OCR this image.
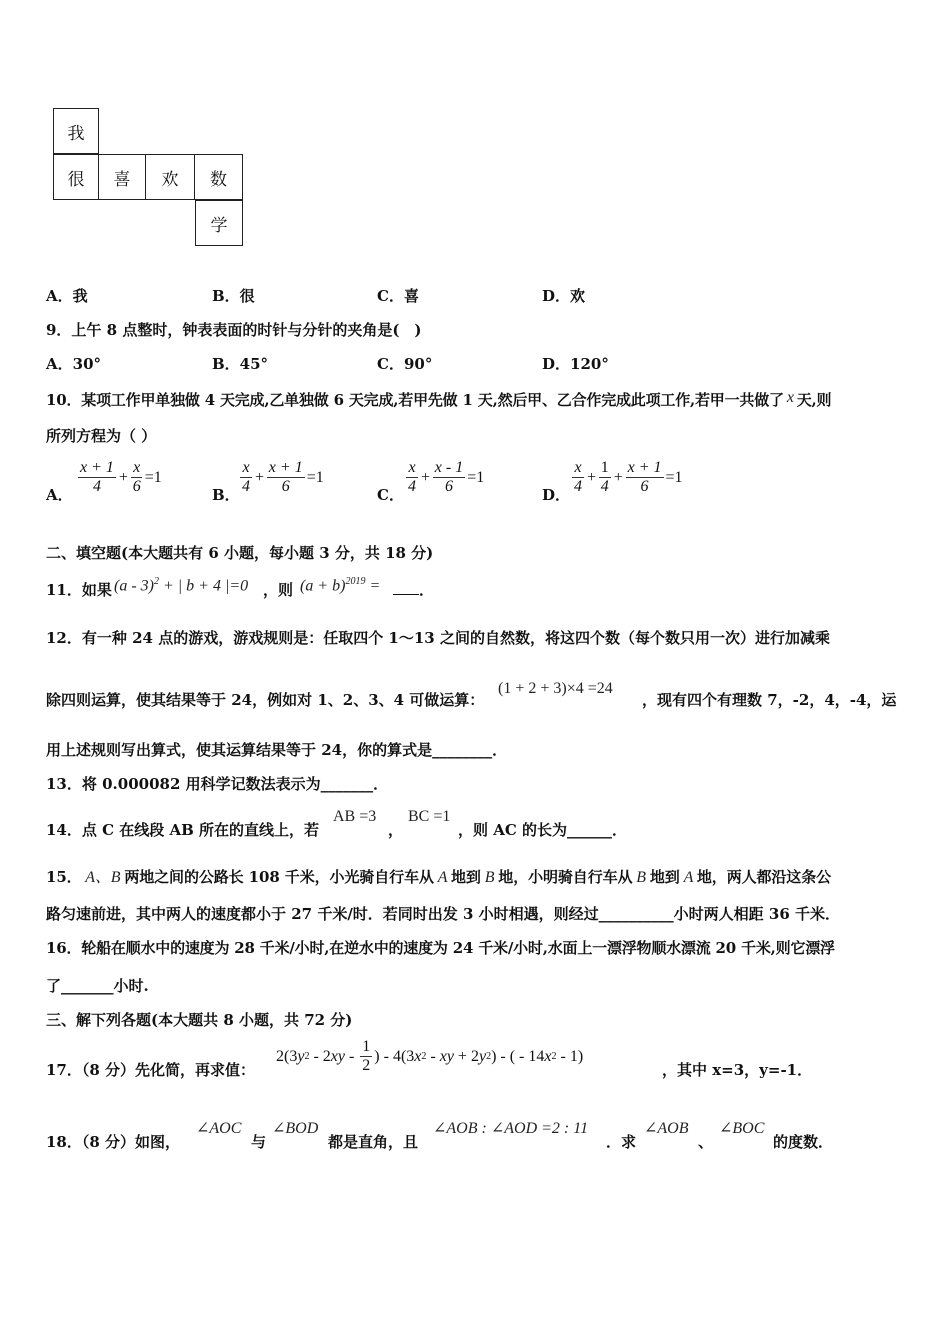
我
很	喜	欢	数
学
A．我	B．很	C．喜	D．欢
9．上午 8 点整时，钟表表面的时针与分针的夹角是(　)
A．30°	B．45°	C．90°	D．120°
10．某项工作甲单独做 4 天完成,乙单独做 6 天完成,若甲先做 1 天,然后甲、乙合作完成此项工作,若甲一共做了 x 天,则
所列方程为（ ）
A． $\frac{x + 1}{4} + \frac{x}{6} =1$
B． $\frac{x}{4} + \frac{x + 1}{6} =1$
C． $\frac{x}{4} + \frac{x - 1}{6} =1$
D． $\frac{x}{4} + \frac{1}{4} + \frac{x + 1}{6} =1$
二、填空题(本大题共有 6 小题，每小题 3 分，共 18 分)
11．如果 (a - 3)$^2$ + | b + 4 |=0 ，则 $(a + b)^{2019}$ =	．
12．有一种 24 点的游戏，游戏规则是：任取四个 1～13 之间的自然数，将这四个数（每个数只用一次）进行加减乘
除四则运算，使其结果等于 24，例如对 1、2、3、4 可做运算：
(1 + 2 + 3)×4 =24
，现有四个有理数 7，-2，4，-4，运
用上述规则写出算式，使其运算结果等于 24，你的算式是________．
13．将 0.000082 用科学记数法表示为_______．
14．点 C 在线段 AB 所在的直线上，若
AB =3
，
BC =1
，则 AC 的长为______．
15． A、B 两地之间的公路长 108 千米，小光骑自行车从 A 地到 B 地，小明骑自行车从 B 地到 A 地，两人都沿这条公
路匀速前进，其中两人的速度都小于 27 千米/时．若同时出发 3 小时相遇，则经过__________小时两人相距 36 千米．
16．轮船在顺水中的速度为 28 千米/小时,在逆水中的速度为 24 千米/小时,水面上一漂浮物顺水漂流 20 千米,则它漂浮
了_______小时.
三、解下列各题(本大题共 8 小题，共 72 分)
17．（8 分）先化简，再求值：
2(3 y 2 - 2 xy - $\frac{1}{2}$ ) - 4(3 x 2 - xy + 2 y 2 ) - ( - 14 x 2 - 1)
，其中 x=3，y=-1．
18．（8 分）如图，
∠AOC
与
∠BOD
都是直角，且
∠AOB : ∠AOD =2 : 11
．求
∠AOB
、
∠BOC
的度数．
